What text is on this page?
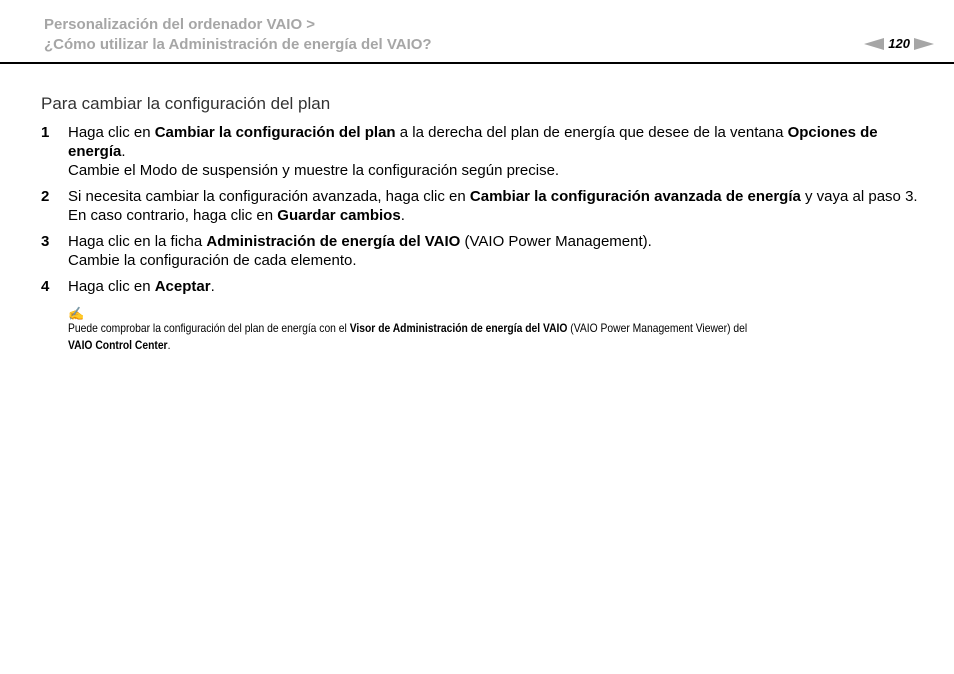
Personalización del ordenador VAIO >
¿Cómo utilizar la Administración de energía del VAIO?	120
Para cambiar la configuración del plan
1	Haga clic en Cambiar la configuración del plan a la derecha del plan de energía que desee de la ventana Opciones de energía.
Cambie el Modo de suspensión y muestre la configuración según precise.
2	Si necesita cambiar la configuración avanzada, haga clic en Cambiar la configuración avanzada de energía y vaya al paso 3.
En caso contrario, haga clic en Guardar cambios.
3	Haga clic en la ficha Administración de energía del VAIO (VAIO Power Management).
Cambie la configuración de cada elemento.
4	Haga clic en Aceptar.
✍
Puede comprobar la configuración del plan de energía con el Visor de Administración de energía del VAIO (VAIO Power Management Viewer) del
VAIO Control Center.
